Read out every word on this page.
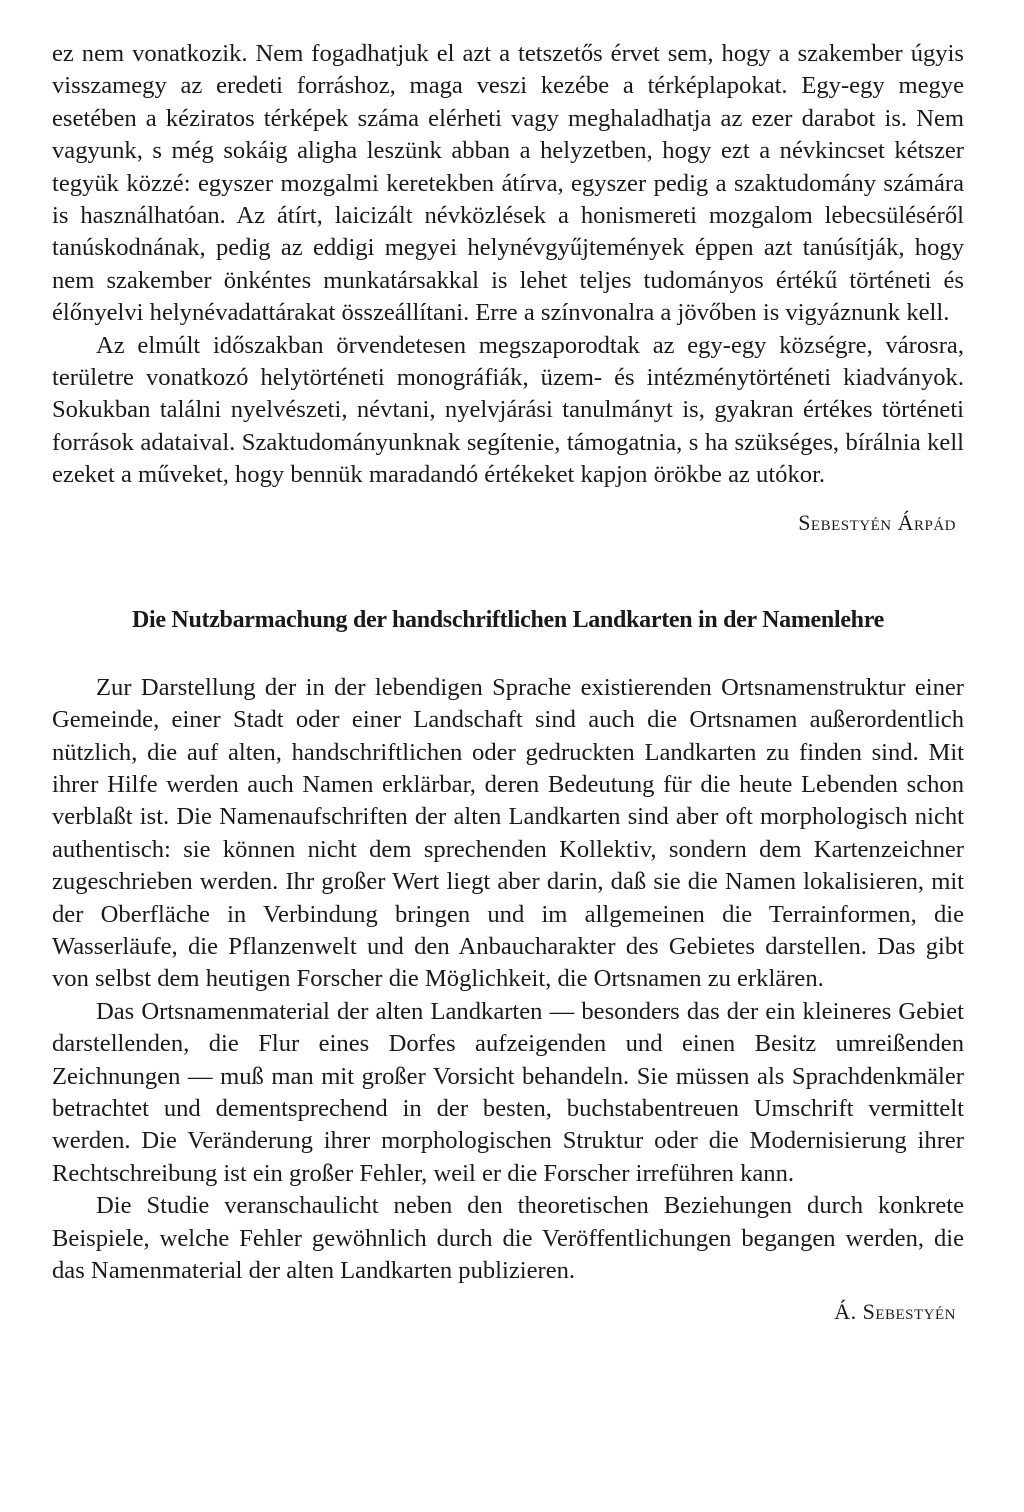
ez nem vonatkozik. Nem fogadhatjuk el azt a tetszetős érvet sem, hogy a szakember úgyis visszamegy az eredeti forráshoz, maga veszi kezébe a térképlapokat. Egy-egy megye esetében a kéziratos térképek száma elérheti vagy meghaladhatja az ezer darabot is. Nem vagyunk, s még sokáig aligha leszünk abban a helyzetben, hogy ezt a névkincset kétszer tegyük közzé: egyszer mozgalmi keretekben átírva, egyszer pedig a szaktudomány számára is használhatóan. Az átírt, laicizált névközlések a honismereti mozgalom lebecsüléséről tanúskodnának, pedig az eddigi megyei helynévgyűjtemények éppen azt tanúsítják, hogy nem szakember önkéntes munkatársakkal is lehet teljes tudományos értékű történeti és élőnyelvi helynévadattárakat összeállítani. Erre a színvonalra a jövőben is vigyáznunk kell.

Az elmúlt időszakban örvendetesen megszaporodtak az egy-egy községre, városra, területre vonatkozó helytörténeti monográfiák, üzem- és intézménytörténeti kiadványok. Sokukban találni nyelvészeti, névtani, nyelvjárási tanulmányt is, gyakran értékes történeti források adataival. Szaktudományunknak segítenie, támogatnia, s ha szükséges, bírálnia kell ezeket a műveket, hogy bennük maradandó értékeket kapjon örökbe az utókor.

Sebestyén Árpád
Die Nutzbarmachung der handschriftlichen Landkarten in der Namenlehre

Zur Darstellung der in der lebendigen Sprache existierenden Ortsnamenstruktur einer Gemeinde, einer Stadt oder einer Landschaft sind auch die Ortsnamen außerordentlich nützlich, die auf alten, handschriftlichen oder gedruckten Landkarten zu finden sind. Mit ihrer Hilfe werden auch Namen erklärbar, deren Bedeutung für die heute Lebenden schon verblaßt ist. Die Namenaufschriften der alten Landkarten sind aber oft morphologisch nicht authentisch: sie können nicht dem sprechenden Kollektiv, sondern dem Kartenzeichner zugeschrieben werden. Ihr großer Wert liegt aber darin, daß sie die Namen lokalisieren, mit der Oberfläche in Verbindung bringen und im allgemeinen die Terrainformen, die Wasserläufe, die Pflanzenwelt und den Anbaucharakter des Gebietes darstellen. Das gibt von selbst dem heutigen Forscher die Möglichkeit, die Ortsnamen zu erklären.

Das Ortsnamenmaterial der alten Landkarten — besonders das der ein kleineres Gebiet darstellenden, die Flur eines Dorfes aufzeigenden und einen Besitz umreißenden Zeichnungen — muß man mit großer Vorsicht behandeln. Sie müssen als Sprachdenkmäler betrachtet und dementsprechend in der besten, buchstabentreuen Umschrift vermittelt werden. Die Veränderung ihrer morphologischen Struktur oder die Modernisierung ihrer Rechtschreibung ist ein großer Fehler, weil er die Forscher irreführen kann.

Die Studie veranschaulicht neben den theoretischen Beziehungen durch konkrete Beispiele, welche Fehler gewöhnlich durch die Veröffentlichungen begangen werden, die das Namenmaterial der alten Landkarten publizieren.

Á. Sebestyén
